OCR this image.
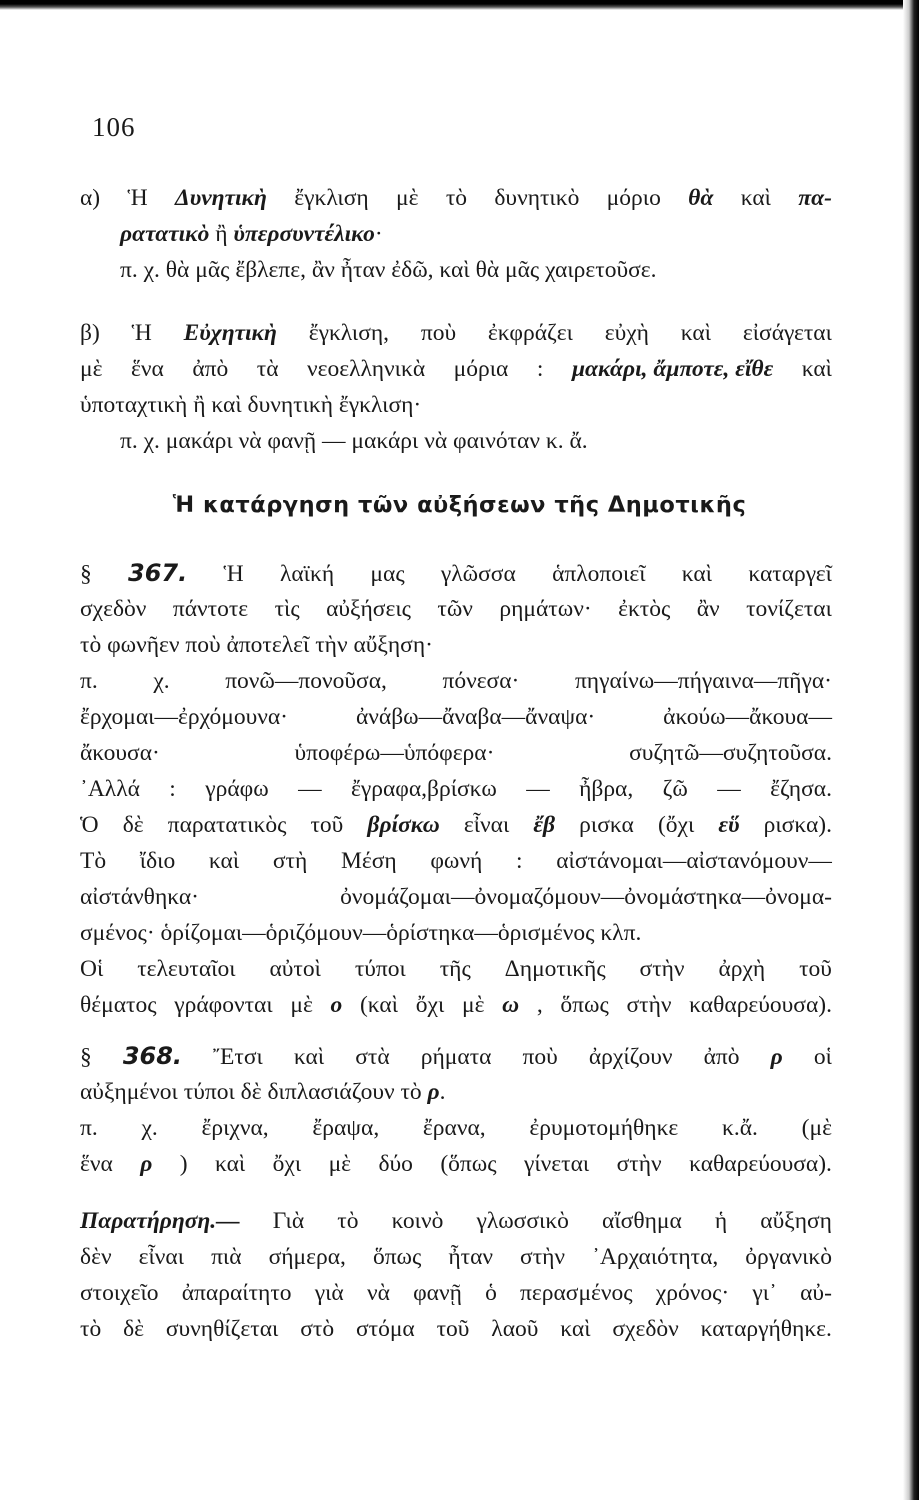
106
α) Ἡ Δυνητικὴ ἔγκλιση μὲ τὸ δυνητικὸ μόριο θὰ καὶ πα-
ρατατικὸ ἢ ὑπερσυντέλικο ·
π. χ. θὰ μᾶς ἔβλεπε, ἂν ἦταν ἐδῶ, καὶ θὰ μᾶς χαιρετοῦσε.
β) Ἡ Εὐχητικὴ ἔγκλιση, ποὺ ἐκφράζει εὐχὴ καὶ εἰσάγεται
μὲ ἕνα ἀπὸ τὰ νεοελληνικὰ μόρια : μακάρι, ἄμποτε, εἴθε καὶ
ὑποταχτικὴ ἢ καὶ δυνητικὴ ἔγκλιση·
π. χ. μακάρι νὰ φανῇ — μακάρι νὰ φαινόταν κ. ἄ.
Ἡ κατάργηση τῶν αὐξήσεων τῆς Δημοτικῆς
§ 367. Ἡ λαϊκή μας γλῶσσα ἁπλοποιεῖ καὶ καταργεῖ
σχεδὸν πάντοτε τὶς αὐξήσεις τῶν ρημάτων· ἐκτὸς ἂν τονίζεται
τὸ φωνῆεν ποὺ ἀποτελεῖ τὴν αὔξηση·
π. χ. πονῶ—πονοῦσα, πόνεσα· πηγαίνω—πήγαινα—πῆγα·
ἔρχομαι—ἐρχόμουνα·	ἀνάβω—ἄναβα—ἄναψα·	ἀκούω—ἄκουα—
ἄκουσα·	ὑποφέρω—ὑπόφερα·	συζητῶ—συζητοῦσα.
᾿Αλλά : γράφω — ἔγραφα,βρίσκω — ἦβρα, ζῶ — ἔζησα.
Ὁ δὲ παρατατικὸς τοῦ βρίσκω εἶναι ἔβ ρισκα (ὄχι εὕ ρισκα).
Τὸ ἴδιο καὶ στὴ Μέση φωνή : αἰστάνομαι—αἰστανόμουν—
αἰστάνθηκα·	ὀνομάζομαι—ὀνομαζόμουν—ὀνομάστηκα—ὀνομα-
σμένος· ὁρίζομαι—ὁριζόμουν—ὁρίστηκα—ὁρισμένος κλπ.
Οἱ τελευταῖοι αὐτοὶ τύποι τῆς Δημοτικῆς στὴν ἀρχὴ τοῦ
θέματος γράφονται μὲ ο (καὶ ὄχι μὲ ω , ὅπως στὴν καθαρεύουσα).
§ 368. Ἔτσι καὶ στὰ ρήματα ποὺ ἀρχίζουν ἀπὸ ρ οἱ
αὐξημένοι τύποι δὲ διπλασιάζουν τὸ ρ .
π. χ. ἔριχνα, ἔραψα, ἔρανα, ἐρυμοτομήθηκε κ.ἄ. (μὲ
ἕνα ρ ) καὶ ὄχι μὲ δύο (ὅπως γίνεται στὴν καθαρεύουσα).
Παρατήρηση.— Γιὰ τὸ κοινὸ γλωσσικὸ αἴσθημα ἡ αὔξηση
δὲν εἶναι πιὰ σήμερα, ὅπως ἦταν στὴν ᾿Αρχαιότητα, ὀργανικὸ
στοιχεῖο ἀπαραίτητο γιὰ νὰ φανῇ ὁ περασμένος χρόνος· γι᾿ αὐ-
τὸ δὲ συνηθίζεται στὸ στόμα τοῦ λαοῦ καὶ σχεδὸν καταργήθηκε.
